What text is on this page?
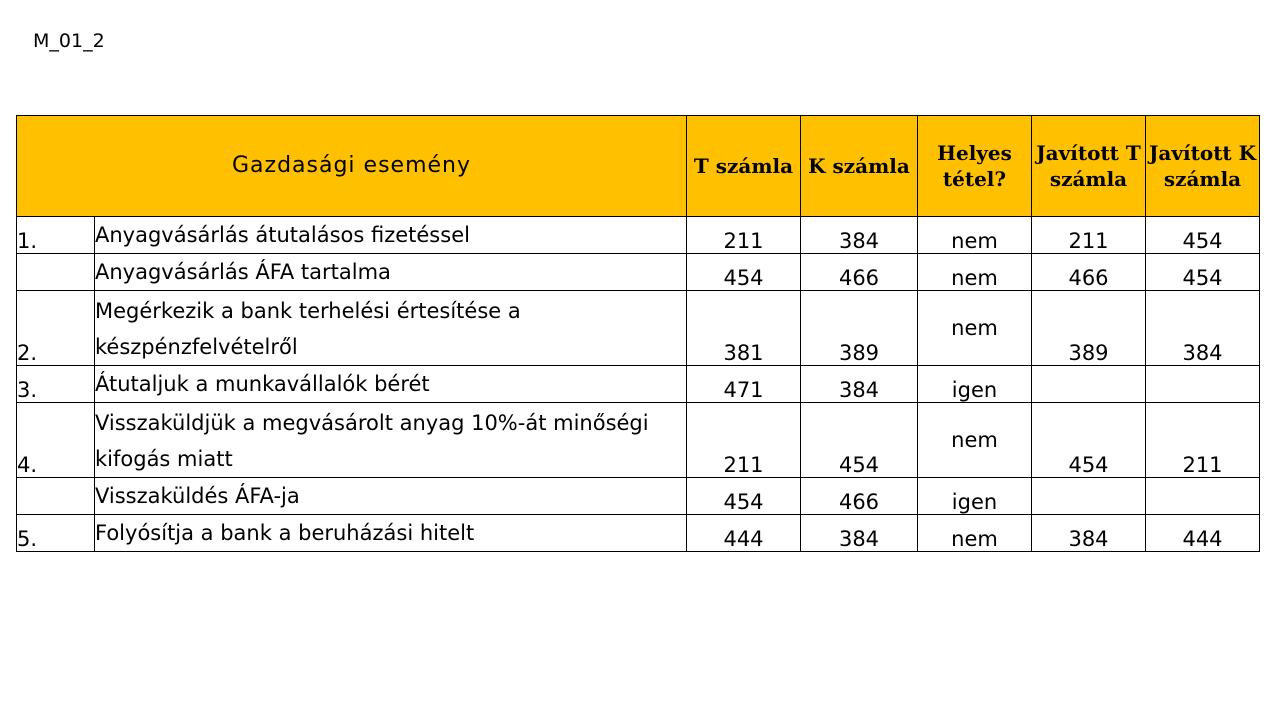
M_01_2
Gazdasági esemény		T számla	K számla	Helyes tétel?	Javított T számla	Javított K számla
1.	Anyagvásárlás átutalásos fizetéssel	211	384	nem	211	454
	Anyagvásárlás ÁFA tartalma	454	466	nem	466	454
2.	Megérkezik a bank terhelési értesítése a készpénzfelvételről	381	389	nem	389	384
3.	Átutaljuk a munkavállalók bérét	471	384	igen		
4.	Visszaküldjük a megvásárolt anyag 10%-át minőségi kifogás miatt	211	454	nem	454	211
	Visszaküldés ÁFA-ja	454	466	igen		
5.	Folyósítja a bank a beruházási hitelt	444	384	nem	384	444
